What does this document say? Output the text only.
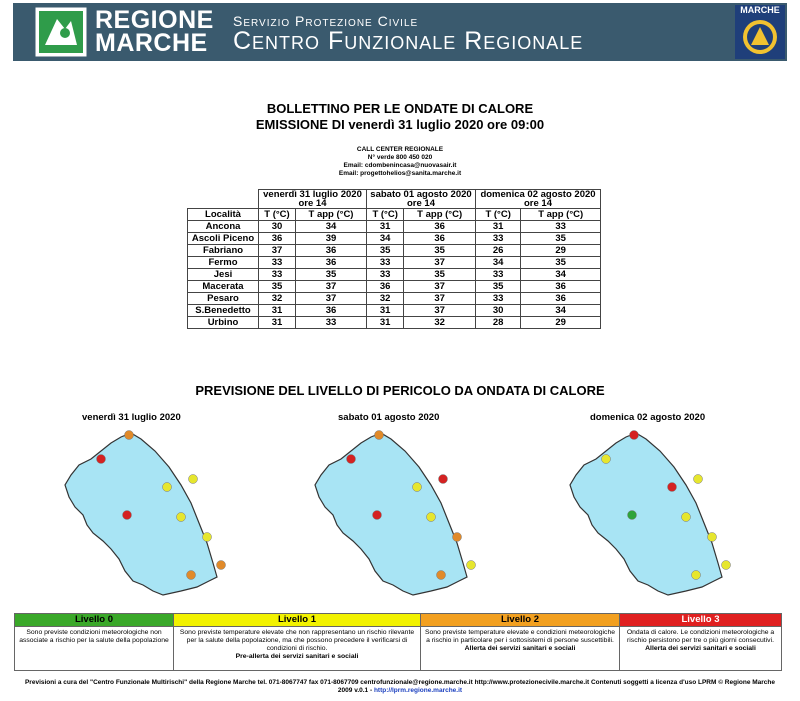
REGIONE
MARCHE
Servizio Protezione Civile
Centro Funzionale Regionale
MARCHE
BOLLETTINO PER LE ONDATE DI CALORE
EMISSIONE DI venerdì 31 luglio 2020 ore 09:00
CALL CENTER REGIONALE
N° verde 800 450 020
Email: cdombenincasa@nuovasair.it
Email: progettohelios@sanita.marche.it
	venerdì 31 luglio 2020 ore 14		sabato 01 agosto 2020 ore 14		domenica 02 agosto 2020 ore 14	
Località	T (°C)	T app (°C)	T (°C)	T app (°C)	T (°C)	T app (°C)
Ancona	30	34	31	36	31	33
Ascoli Piceno	36	39	34	36	33	35
Fabriano	37	36	35	35	26	29
Fermo	33	36	33	37	34	35
Jesi	33	35	33	35	33	34
Macerata	35	37	36	37	35	36
Pesaro	32	37	32	37	33	36
S.Benedetto	31	36	31	37	30	34
Urbino	31	33	31	32	28	29
PREVISIONE DEL LIVELLO DI PERICOLO DA ONDATA DI CALORE
venerdì 31 luglio 2020	sabato 01 agosto 2020	domenica 02 agosto 2020
Livello 0
Sono previste condizioni meteorologiche non associate a rischio per la salute della popolazione
Livello 1
Sono previste temperature elevate che non rappresentano un rischio rilevante per la salute della popolazione, ma che possono precedere il verificarsi di condizioni di rischio.
Pre-allerta dei servizi sanitari e sociali
Livello 2
Sono previste temperature elevate e condizioni meteorologiche a rischio in particolare per i sottosistemi di persone suscettibili.
Allerta dei servizi sanitari e sociali
Livello 3
Ondata di calore. Le condizioni meteorologiche a rischio persistono per tre o più giorni consecutivi.
Allerta dei servizi sanitari e sociali
Previsioni a cura del "Centro Funzionale Multirischi" della Regione Marche tel. 071-8067747 fax 071-8067709 centrofunzionale@regione.marche.it http://www.protezionecivile.marche.it Contenuti soggetti a licenza d'uso LPRM © Regione Marche 2009 v.0.1 - http://lprm.regione.marche.it
